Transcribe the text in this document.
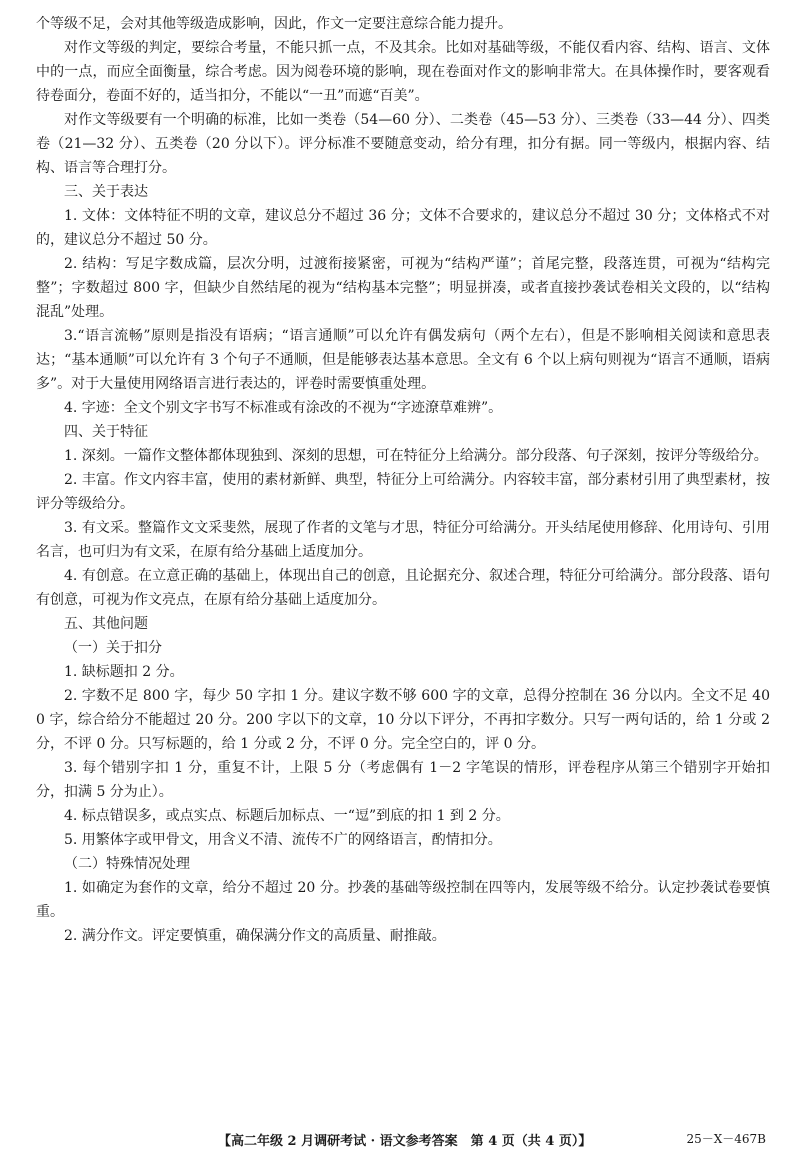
个等级不足，会对其他等级造成影响，因此，作文一定要注意综合能力提升。

对作文等级的判定，要综合考量，不能只抓一点，不及其余。比如对基础等级，不能仅看内容、结构、语言、文体中的一点，而应全面衡量，综合考虑。因为阅卷环境的影响，现在卷面对作文的影响非常大。在具体操作时，要客观看待卷面分，卷面不好的，适当扣分，不能以“一丑”而遮“百美”。

对作文等级要有一个明确的标准，比如一类卷（54—60 分）、二类卷（45—53 分）、三类卷（33—44 分）、四类卷（21—32 分）、五类卷（20 分以下）。评分标准不要随意变动，给分有理，扣分有据。同一等级内，根据内容、结构、语言等合理打分。

三、关于表达

1. 文体：文体特征不明的文章，建议总分不超过 36 分；文体不合要求的，建议总分不超过 30 分；文体格式不对的，建议总分不超过 50 分。

2. 结构：写足字数成篇，层次分明，过渡衔接紧密，可视为“结构严谨”；首尾完整，段落连贯，可视为“结构完整”；字数超过 800 字，但缺少自然结尾的视为“结构基本完整”；明显拼凑，或者直接抄袭试卷相关文段的，以“结构混乱”处理。

3.“语言流畅”原则是指没有语病；“语言通顺”可以允许有偶发病句（两个左右），但是不影响相关阅读和意思表达；“基本通顺”可以允许有 3 个句子不通顺，但是能够表达基本意思。全文有 6 个以上病句则视为“语言不通顺，语病多”。对于大量使用网络语言进行表达的，评卷时需要慎重处理。

4. 字迹：全文个别文字书写不标准或有涂改的不视为“字迹潦草难辨”。

四、关于特征

1. 深刻。一篇作文整体都体现独到、深刻的思想，可在特征分上给满分。部分段落、句子深刻，按评分等级给分。

2. 丰富。作文内容丰富，使用的素材新鲜、典型，特征分上可给满分。内容较丰富，部分素材引用了典型素材，按评分等级给分。

3. 有文采。整篇作文文采斐然，展现了作者的文笔与才思，特征分可给满分。开头结尾使用修辞、化用诗句、引用名言，也可归为有文采，在原有给分基础上适度加分。

4. 有创意。在立意正确的基础上，体现出自己的创意，且论据充分、叙述合理，特征分可给满分。部分段落、语句有创意，可视为作文亮点，在原有给分基础上适度加分。

五、其他问题

（一）关于扣分

1. 缺标题扣 2 分。

2. 字数不足 800 字，每少 50 字扣 1 分。建议字数不够 600 字的文章，总得分控制在 36 分以内。全文不足 400 字，综合给分不能超过 20 分。200 字以下的文章，10 分以下评分，不再扣字数分。只写一两句话的，给 1 分或 2 分，不评 0 分。只写标题的，给 1 分或 2 分，不评 0 分。完全空白的，评 0 分。

3. 每个错别字扣 1 分，重复不计，上限 5 分（考虑偶有 1－2 字笔误的情形，评卷程序从第三个错别字开始扣分，扣满 5 分为止）。

4. 标点错误多，或点实点、标题后加标点、一“逗”到底的扣 1 到 2 分。

5. 用繁体字或甲骨文，用含义不清、流传不广的网络语言，酌情扣分。

（二）特殊情况处理

1. 如确定为套作的文章，给分不超过 20 分。抄袭的基础等级控制在四等内，发展等级不给分。认定抄袭试卷要慎重。

2. 满分作文。评定要慎重，确保满分作文的高质量、耐推敲。

【高二年级 2 月调研考试 · 语文参考答案　第 4 页（共 4 页）】	25－X－467B
